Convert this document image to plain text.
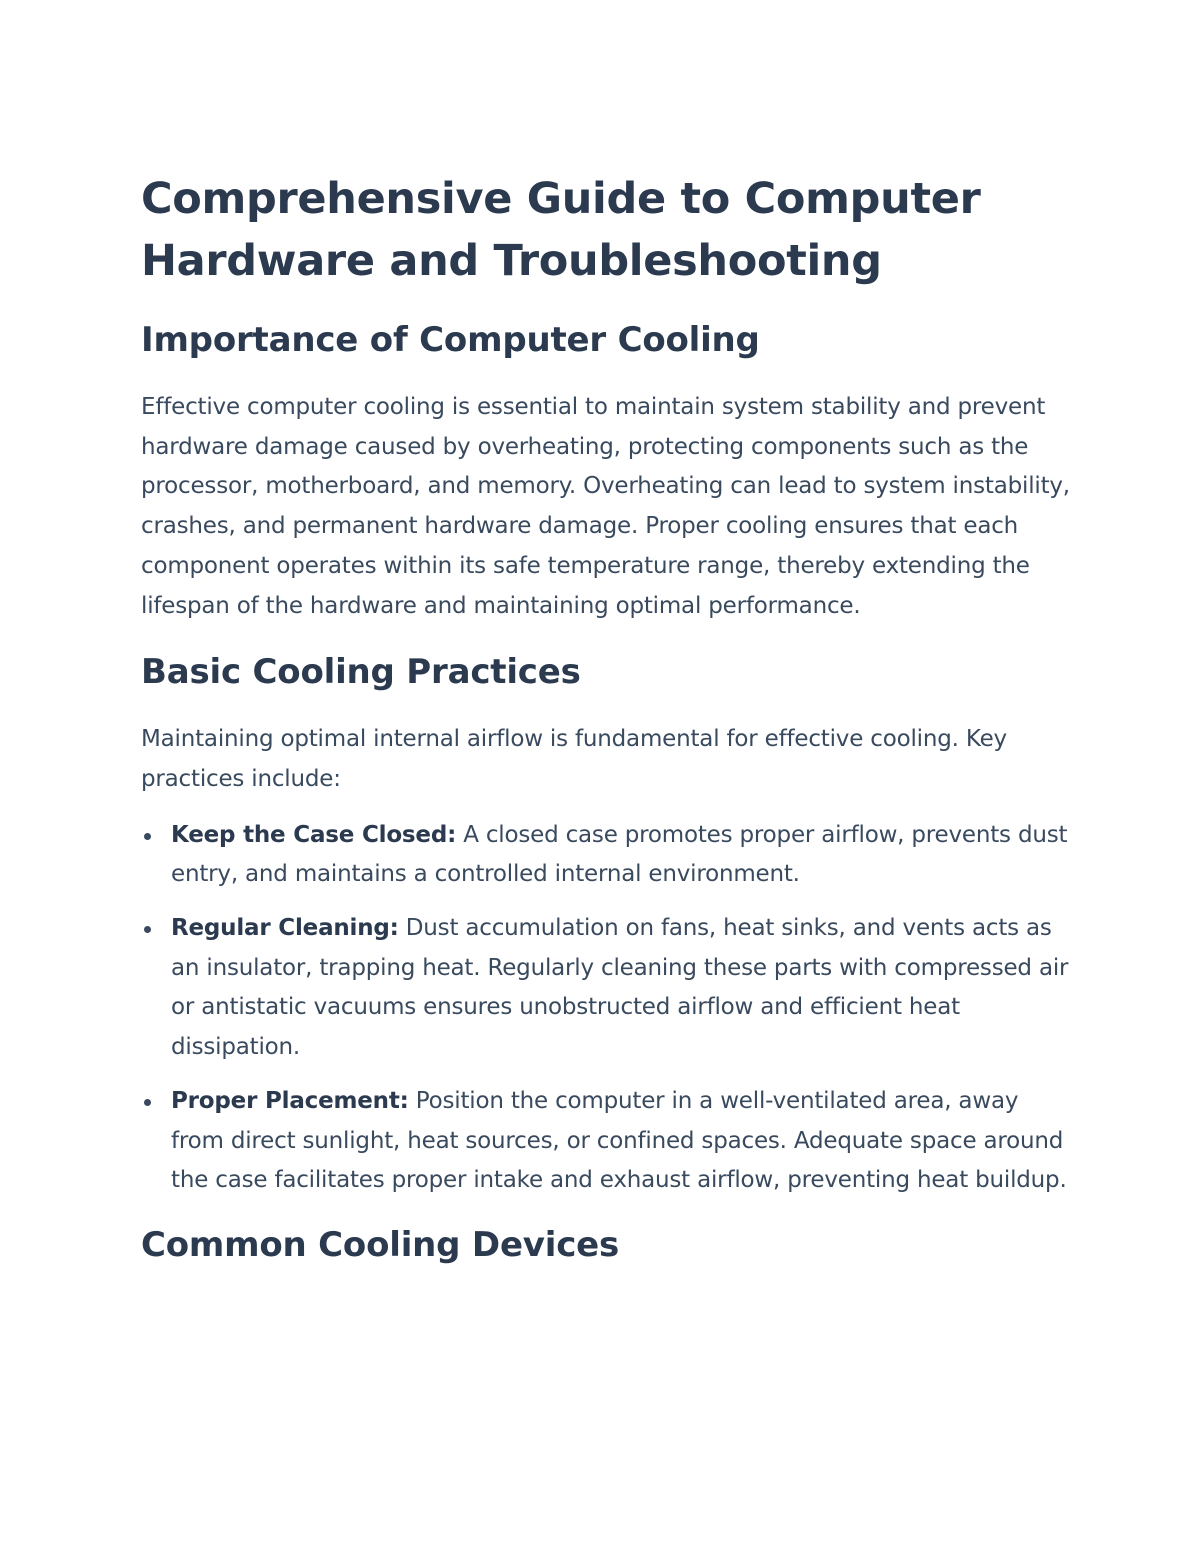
Comprehensive Guide to Computer Hardware and Troubleshooting
Importance of Computer Cooling

Effective computer cooling is essential to maintain system stability and prevent hardware damage caused by overheating, protecting components such as the processor, motherboard, and memory. Overheating can lead to system instability, crashes, and permanent hardware damage. Proper cooling ensures that each component operates within its safe temperature range, thereby extending the lifespan of the hardware and maintaining optimal performance.

Basic Cooling Practices

Maintaining optimal internal airflow is fundamental for effective cooling. Key practices include:

Keep the Case Closed: A closed case promotes proper airflow, prevents dust entry, and maintains a controlled internal environment.
Regular Cleaning: Dust accumulation on fans, heat sinks, and vents acts as an insulator, trapping heat. Regularly cleaning these parts with compressed air or antistatic vacuums ensures unobstructed airflow and efficient heat dissipation.
Proper Placement: Position the computer in a well-ventilated area, away from direct sunlight, heat sources, or confined spaces. Adequate space around the case facilitates proper intake and exhaust airflow, preventing heat buildup.
Common Cooling Devices
